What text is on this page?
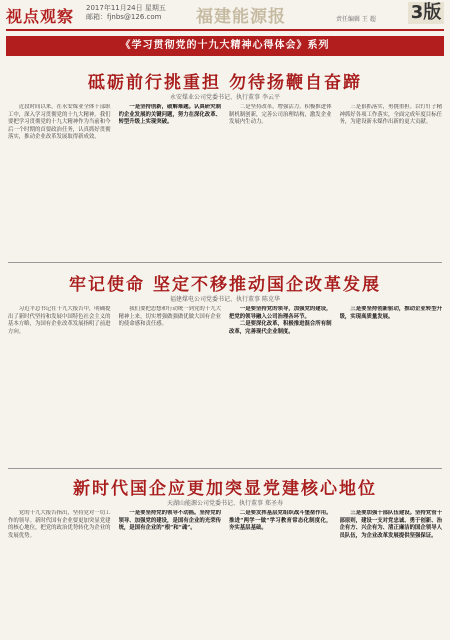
视点观察 2017年11月24日 星期五
邮箱：fjnbs@126.com 福建能源报	责任编辑 王 超 3版
《学习贯彻党的十九大精神心得体会》系列
砥砺前行挑重担 勿待扬鞭自奋蹄
永安煤业公司党委书记、执行董事 李云平

近段时间以来，在永安煤业全体干部职工中，深入学习贯彻党的十九大精神。我们要把学习贯彻党的十九大精神作为当前和今后一个时期的首要政治任务，认真抓好贯彻落实，推动企业改革发展取得新成效。

一是坚持创新，破解难题。认真研究制约企业发展的关键问题，努力在深化改革、转型升级上实现突破。

二是坚持改革，增强活力。积极推进体制机制创新，完善公司治理结构，激发企业发展内生动力。

三是狠抓落实，勇挑重担。以钉钉子精神抓好各项工作落实，全面完成年度目标任务，为建设新永煤作出新的更大贡献。

牢记使命 坚定不移推动国企改革发展
福建煤电公司党委书记、执行董事 陈克华

习近平总书记在十九大报告中，明确提出了新时代坚持和发展中国特色社会主义的基本方略，为国有企业改革发展指明了前进方向。

我们要把思想和行动统一到党的十九大精神上来，切实增强做强做优做大国有企业的使命感和责任感。

一是要坚持党的领导，加强党的建设，把党的领导融入公司治理各环节。

二是要深化改革，积极推进混合所有制改革，完善现代企业制度。

三是要坚持创新驱动，推动企业转型升级，实现高质量发展。

新时代国企应更加突显党建核心地位
天湖山能源公司党委书记、执行董事 郑圣寿

党的十九大报告指出，坚持党对一切工作的领导。新时代国有企业要更加突显党建的核心地位，把党的政治优势转化为企业的发展优势。

一是要坚持党的领导不动摇。坚持党的领导、加强党的建设，是国有企业的光荣传统，是国有企业的“根”和“魂”。

二是要发挥基层党组织战斗堡垒作用。推进“两学一做”学习教育常态化制度化，夯实基层基础。

三是要加强干部队伍建设。坚持党管干部原则，建设一支对党忠诚、勇于创新、治企有方、兴企有为、清正廉洁的国企领导人员队伍，为企业改革发展提供坚强保证。
